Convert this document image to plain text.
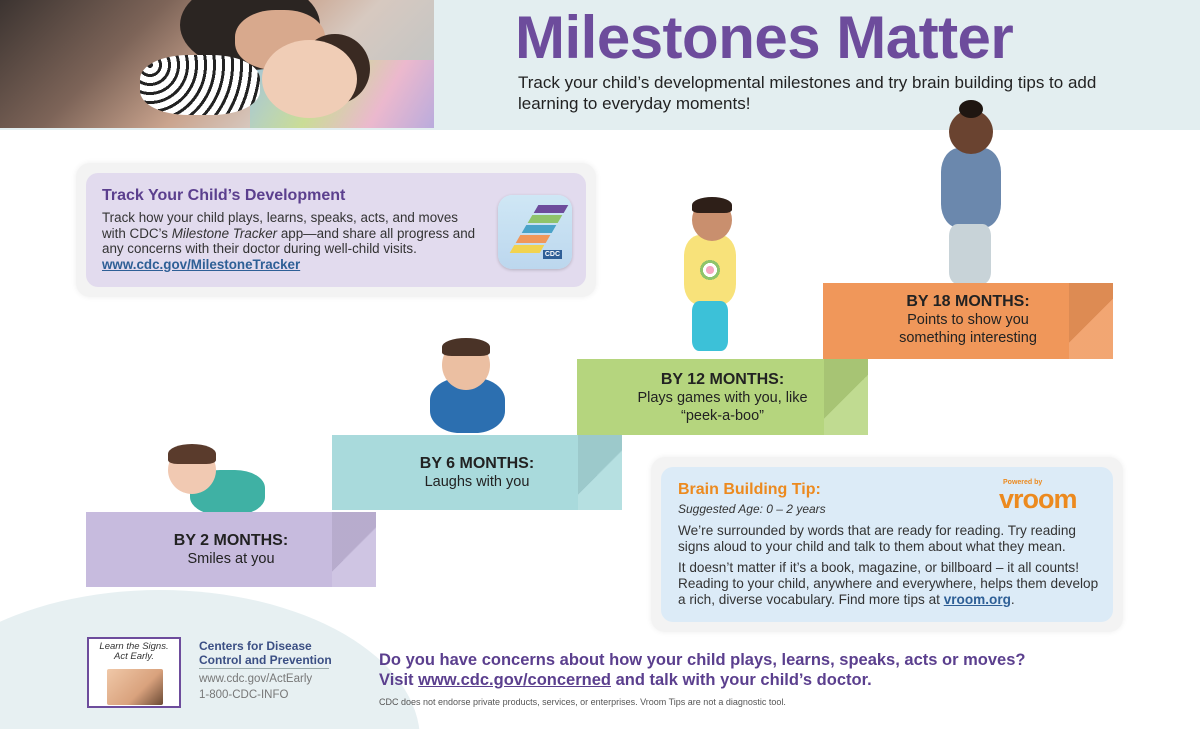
Milestones Matter
Track your child’s developmental milestones and try brain building tips to add learning to everyday moments!
Track Your Child’s Development
Track how your child plays, learns, speaks, acts, and moves with CDC’s Milestone Tracker app—and share all progress and any concerns with their doctor during well-child visits.
www.cdc.gov/MilestoneTracker
CDC
BY 2 MONTHS:
Smiles at you
BY 6 MONTHS:
Laughs with you
BY 12 MONTHS:
Plays games with you, like “peek-a-boo”
BY 18 MONTHS:
Points to show you something interesting
Brain Building Tip:
Suggested Age: 0 – 2 years
Powered by
vroom
We’re surrounded by words that are ready for reading. Try reading signs aloud to your child and talk to them about what they mean.
It doesn’t matter if it’s a book, magazine, or billboard – it all counts! Reading to your child, anywhere and everywhere, helps them develop a rich, diverse vocabulary. Find more tips at vroom.org.
Learn the Signs.
Act Early.
Centers for Disease
Control and Prevention
www.cdc.gov/ActEarly
1-800-CDC-INFO
Do you have concerns about how your child plays, learns, speaks, acts or moves?
Visit www.cdc.gov/concerned and talk with your child’s doctor.
CDC does not endorse private products, services, or enterprises. Vroom Tips are not a diagnostic tool.
